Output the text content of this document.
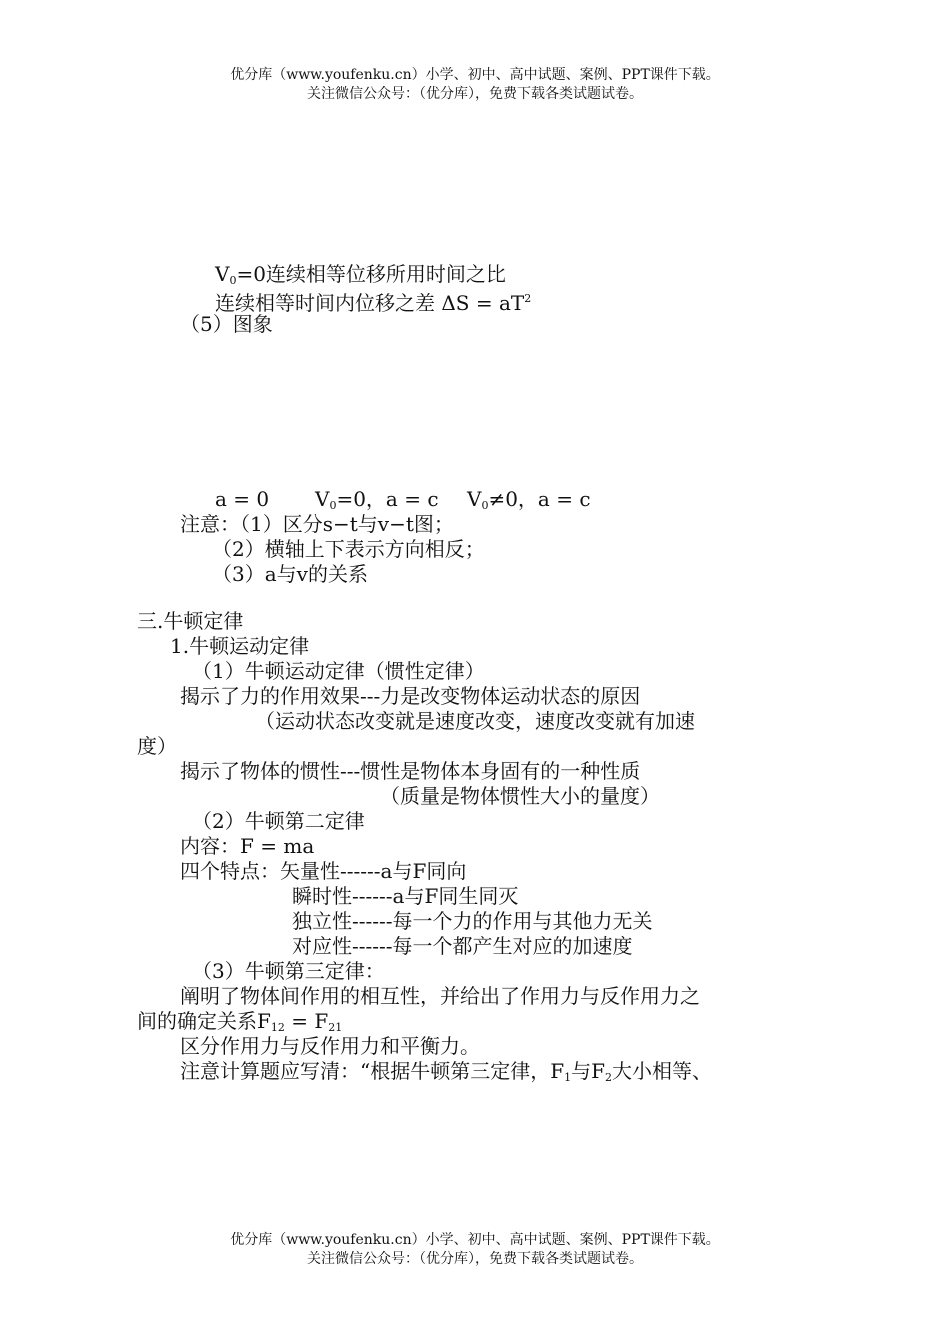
优分库（www.youfenku.cn）小学、初中、高中试题、案例、PPT课件下载。
关注微信公众号：（优分库），免费下载各类试题试卷。
$V_0=0$连续相等位移所用时间之比
连续相等时间内位移之差 $\Delta S = aT^2$
（5）图象
a = 0 $V_0=0$，a = c $V_0\ne 0$，a = c
注意：（1）区分s−t与v−t图；
（2）横轴上下表示方向相反；
（3）a与v的关系
三.牛顿定律
1.牛顿运动定律
（1）牛顿运动定律（惯性定律）
揭示了力的作用效果---力是改变物体运动状态的原因
（运动状态改变就是速度改变，速度改变就有加速
度）
揭示了物体的惯性---惯性是物体本身固有的一种性质
（质量是物体惯性大小的量度）
（2）牛顿第二定律
内容：F = ma
四个特点：矢量性------a与F同向
瞬时性------a与F同生同灭
独立性------每一个力的作用与其他力无关
对应性------每一个都产生对应的加速度
（3）牛顿第三定律：
阐明了物体间作用的相互性，并给出了作用力与反作用力之
间的确定关系$F_{12} = F_{21}$
区分作用力与反作用力和平衡力。
注意计算题应写清：“根据牛顿第三定律，$F_1$与$F_2$大小相等、
优分库（www.youfenku.cn）小学、初中、高中试题、案例、PPT课件下载。
关注微信公众号：（优分库），免费下载各类试题试卷。
